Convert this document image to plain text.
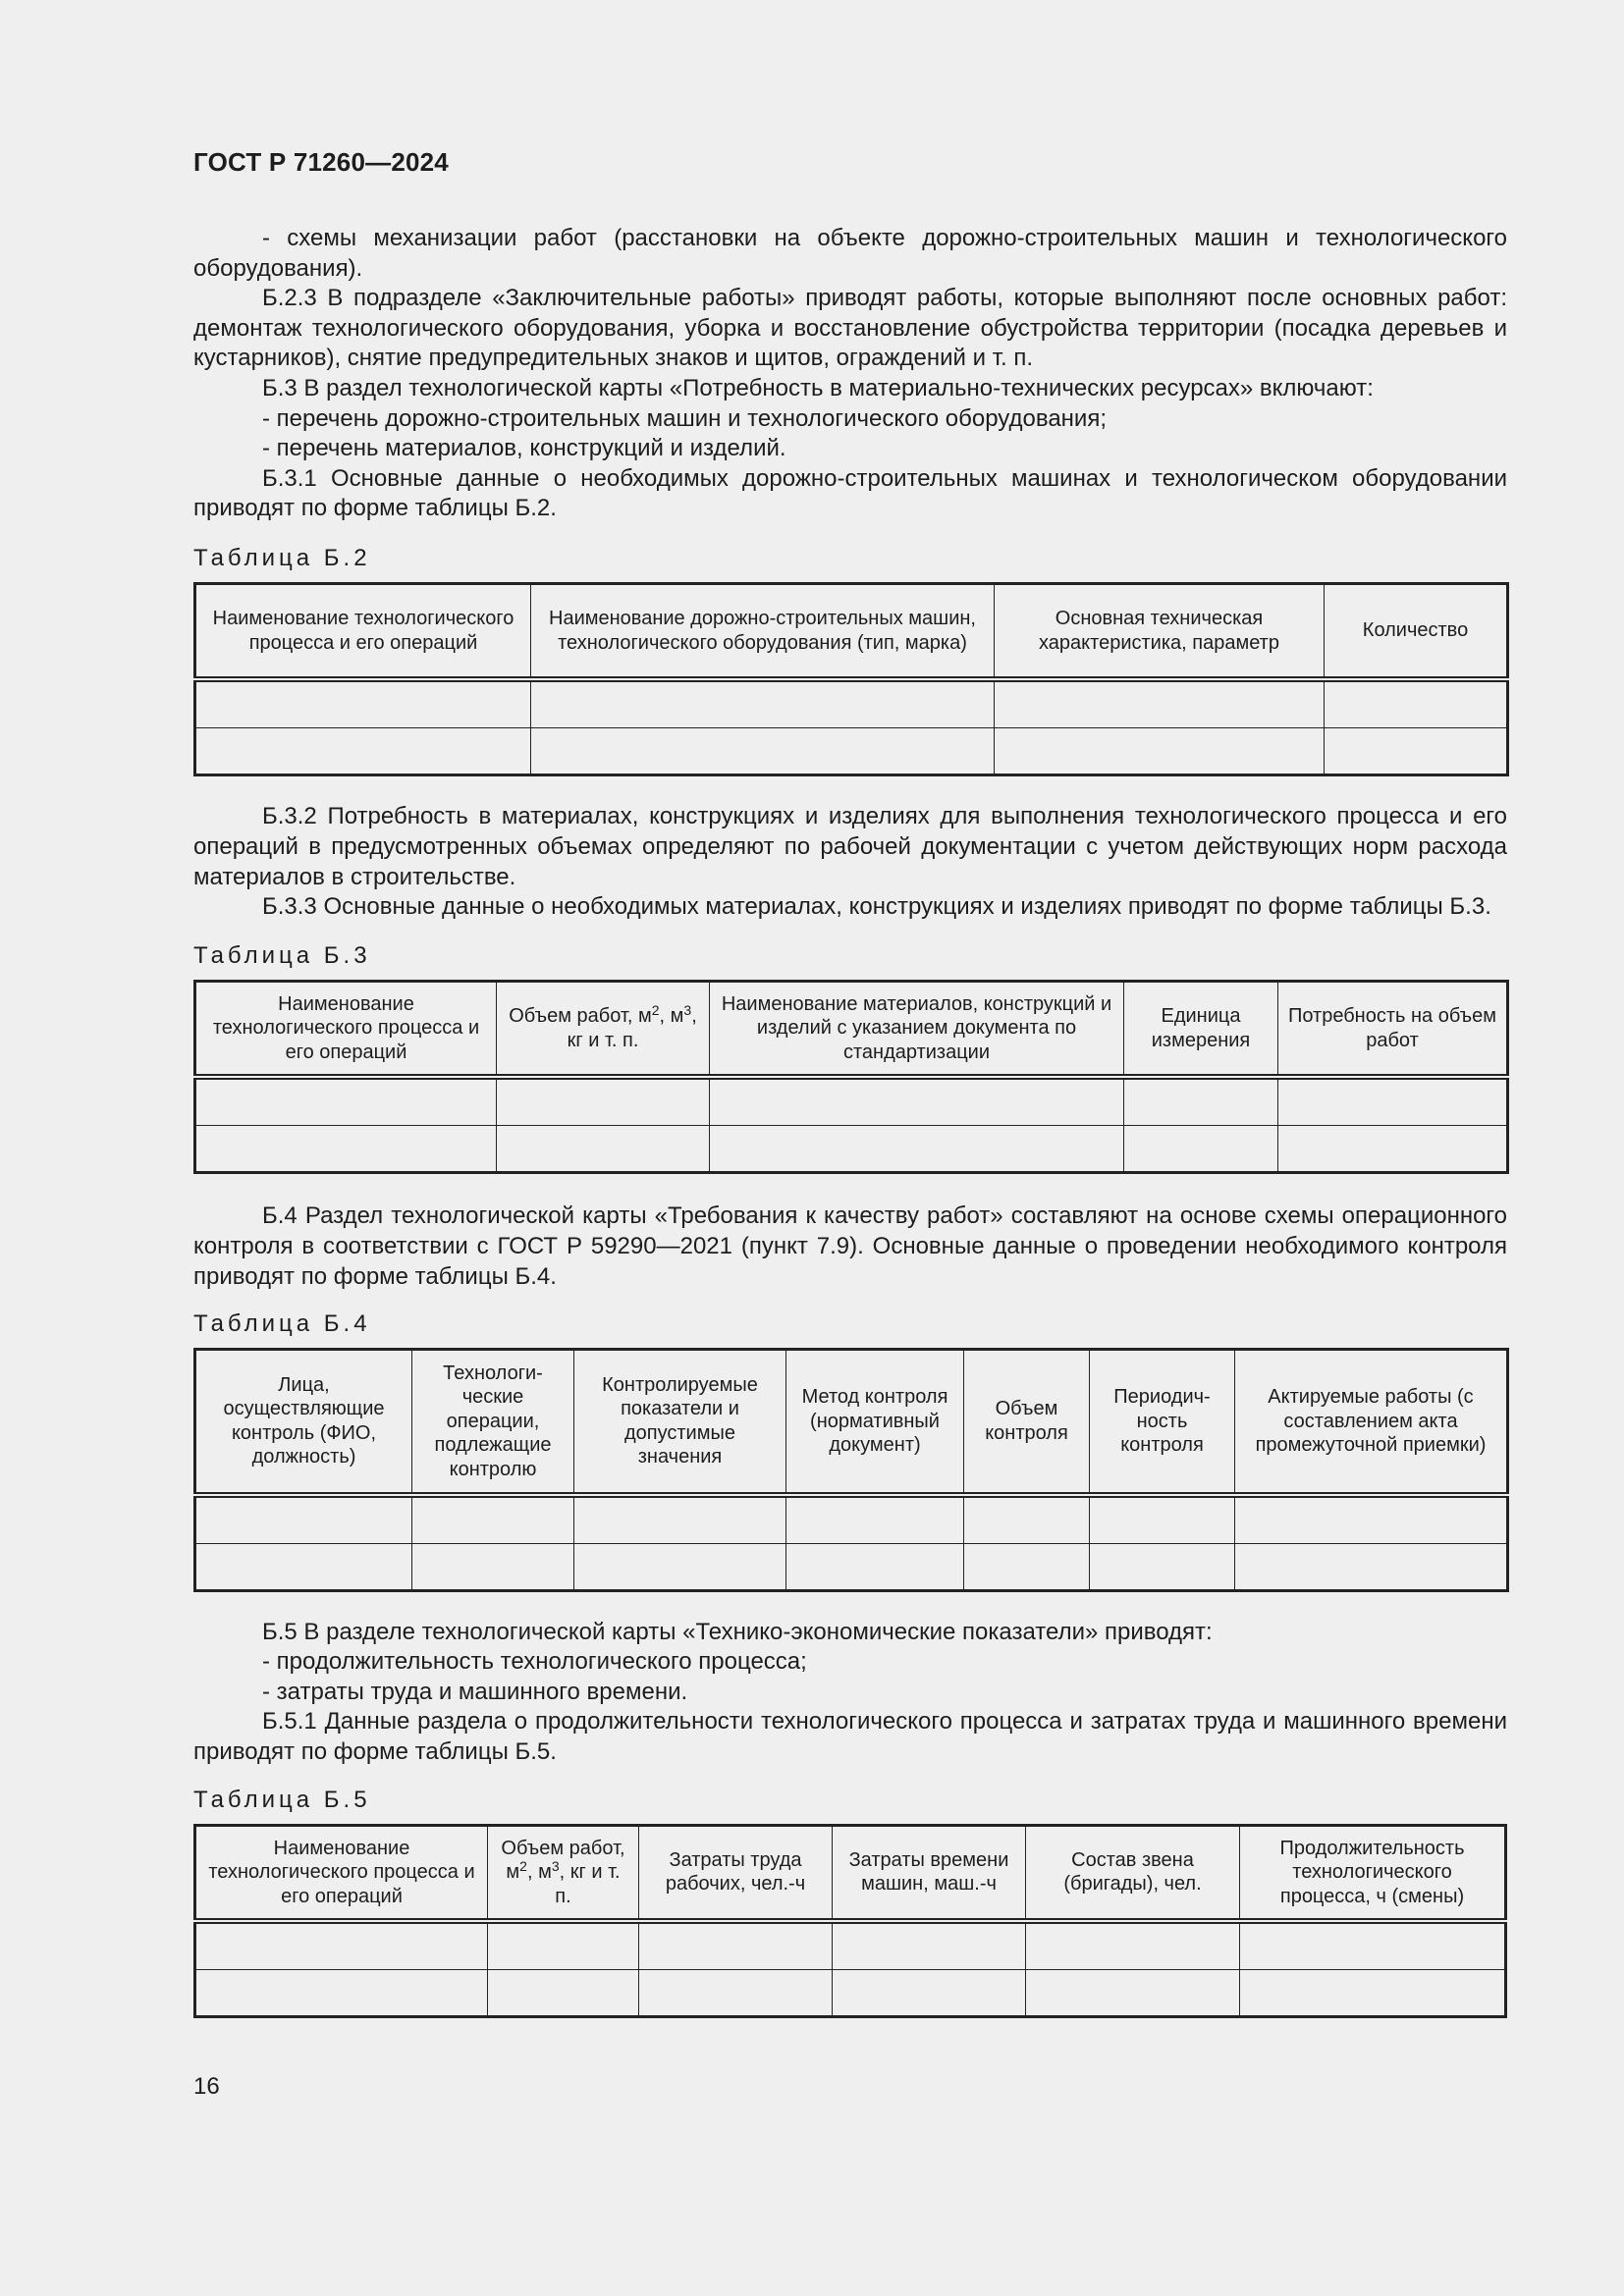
ГОСТ Р 71260—2024

- схемы механизации работ (расстановки на объекте дорожно-строительных машин и технологического оборудования).

Б.2.3 В подразделе «Заключительные работы» приводят работы, которые выполняют после основных работ: демонтаж технологического оборудования, уборка и восстановление обустройства территории (посадка деревьев и кустарников), снятие предупредительных знаков и щитов, ограждений и т. п.

Б.3 В раздел технологической карты «Потребность в материально-технических ресурсах» включают:

- перечень дорожно-строительных машин и технологического оборудования;

- перечень материалов, конструкций и изделий.

Б.3.1 Основные данные о необходимых дорожно-строительных машинах и технологическом оборудовании приводят по форме таблицы Б.2.

Таблица Б.2

Наименование технологического процесса и его операций	Наименование дорожно-строительных машин, технологического оборудования (тип, марка)	Основная техническая характеристика, параметр	Количество

Б.3.2 Потребность в материалах, конструкциях и изделиях для выполнения технологического процесса и его операций в предусмотренных объемах определяют по рабочей документации с учетом действующих норм расхода материалов в строительстве.

Б.3.3 Основные данные о необходимых материалах, конструкциях и изделиях приводят по форме таблицы Б.3.

Таблица Б.3

Наименование технологического процесса и его операций	Объем работ, $м^2$, $м^3$, кг и т. п.	Наименование материалов, конструкций и изделий с указанием документа по стандартизации	Единица измерения	Потребность на объем работ

Б.4 Раздел технологической карты «Требования к качеству работ» составляют на основе схемы операционного контроля в соответствии с ГОСТ Р 59290—2021 (пункт 7.9). Основные данные о проведении необходимого контроля приводят по форме таблицы Б.4.

Таблица Б.4

Лица, осуществляющие контроль (ФИО, должность)	Технологи-ческие операции, подлежащие контролю	Контролируемые показатели и допустимые значения	Метод контроля (нормативный документ)	Объем контроля	Периодич-ность контроля	Актируемые работы (с составлением акта промежуточной приемки)

Б.5 В разделе технологической карты «Технико-экономические показатели» приводят:

- продолжительность технологического процесса;

- затраты труда и машинного времени.

Б.5.1 Данные раздела о продолжительности технологического процесса и затратах труда и машинного времени приводят по форме таблицы Б.5.

Таблица Б.5

Наименование технологического процесса и его операций	Объем работ, $м^2$, $м^3$, кг и т. п.	Затраты труда рабочих, чел.-ч	Затраты времени машин, маш.-ч	Состав звена (бригады), чел.	Продолжительность технологического процесса, ч (смены)

16
